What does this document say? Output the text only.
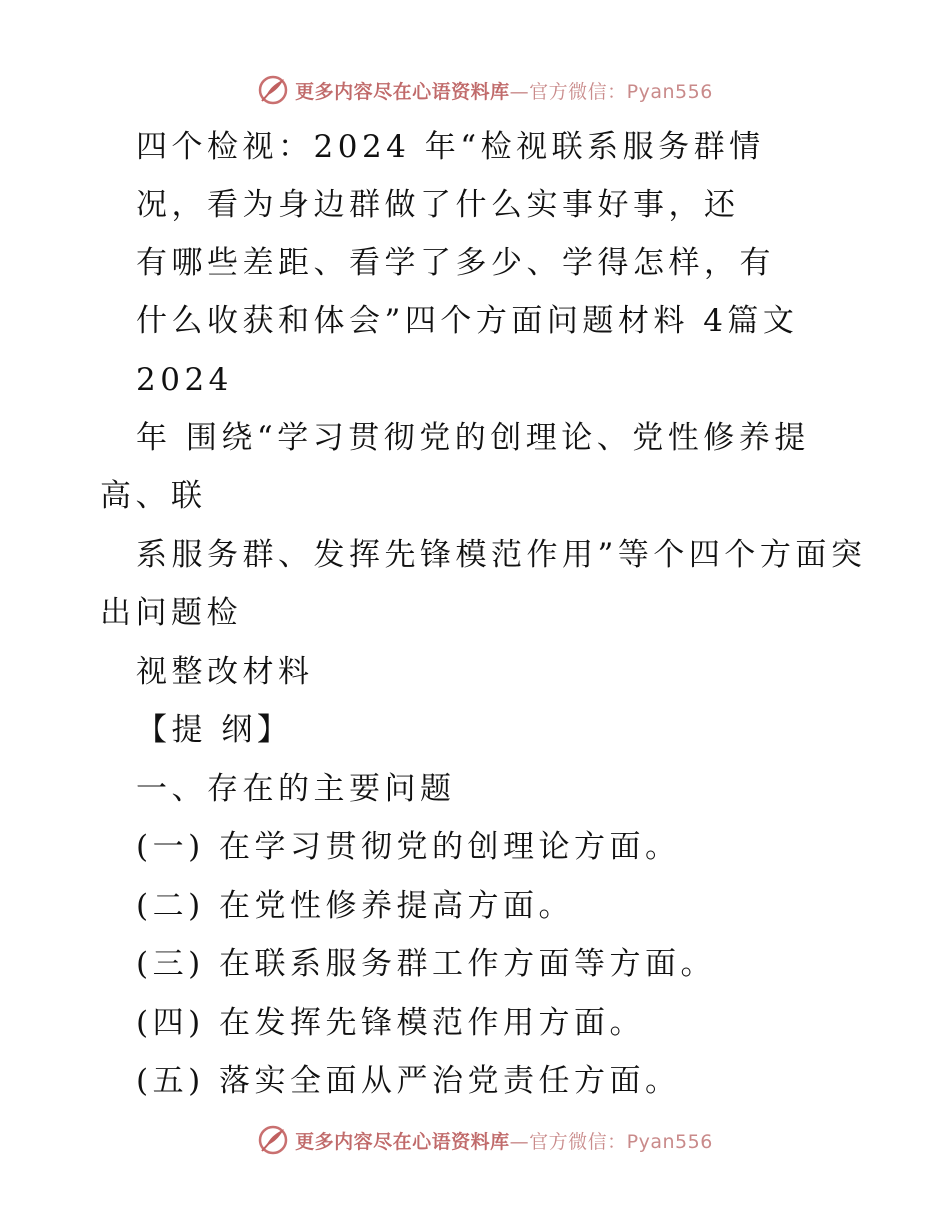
更多内容尽在心语资料库—官方微信：Pyan556
四个检视：2024 年“检视联系服务群情
况，看为身边群做了什么实事好事，还
有哪些差距、看学了多少、学得怎样，有
什么收获和体会”四个方面问题材料 4篇文
2024
年 围绕“学习贯彻党的创理论、党性修养提
高、联
系服务群、发挥先锋模范作用”等个四个方面突
出问题检
视整改材料
【提 纲】
一、存在的主要问题
(一) 在学习贯彻党的创理论方面。
(二) 在党性修养提高方面。
(三) 在联系服务群工作方面等方面。
(四) 在发挥先锋模范作用方面。
(五) 落实全面从严治党责任方面。
更多内容尽在心语资料库—官方微信：Pyan556
